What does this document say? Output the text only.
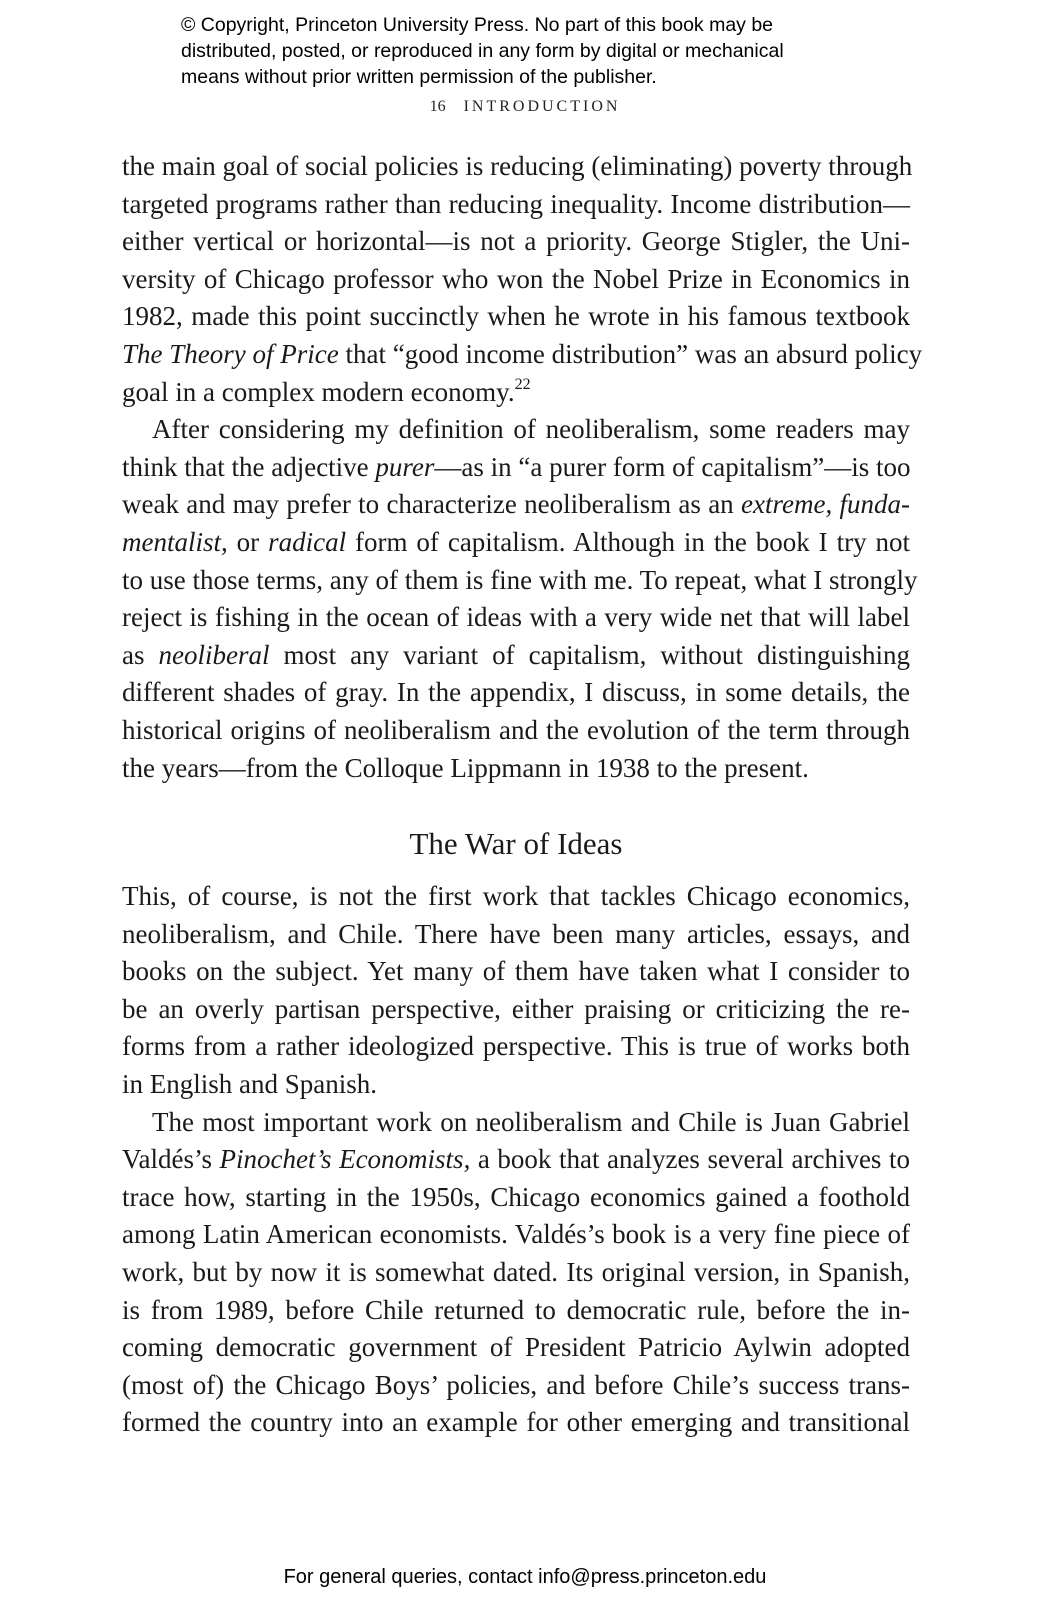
© Copyright, Princeton University Press. No part of this book may be
distributed, posted, or reproduced in any form by digital or mechanical
means without prior written permission of the publisher.
16 INTRODUCTION
the main goal of social policies is reducing (eliminating) poverty through
targeted programs rather than reducing inequality. Income distribution—
either vertical or horizontal—is not a priority. George Stigler, the Uni-
versity of Chicago professor who won the Nobel Prize in Economics in
1982, made this point succinctly when he wrote in his famous textbook
The Theory of Price that “good income distribution” was an absurd policy
goal in a complex modern economy.$^{22}$
After considering my definition of neoliberalism, some readers may
think that the adjective purer—as in “a purer form of capitalism”—is too
weak and may prefer to characterize neoliberalism as an extreme, funda-
mentalist, or radical form of capitalism. Although in the book I try not
to use those terms, any of them is fine with me. To repeat, what I strongly
reject is fishing in the ocean of ideas with a very wide net that will label
as neoliberal most any variant of capitalism, without distinguishing
different shades of gray. In the appendix, I discuss, in some details, the
historical origins of neoliberalism and the evolution of the term through
the years—from the Colloque Lippmann in 1938 to the present.
The War of Ideas
This, of course, is not the first work that tackles Chicago economics,
neoliberalism, and Chile. There have been many articles, essays, and
books on the subject. Yet many of them have taken what I consider to
be an overly partisan perspective, either praising or criticizing the re-
forms from a rather ideologized perspective. This is true of works both
in English and Spanish.
The most important work on neoliberalism and Chile is Juan Gabriel
Valdés’s Pinochet’s Economists, a book that analyzes several archives to
trace how, starting in the 1950s, Chicago economics gained a foothold
among Latin American economists. Valdés’s book is a very fine piece of
work, but by now it is somewhat dated. Its original version, in Spanish,
is from 1989, before Chile returned to democratic rule, before the in-
coming democratic government of President Patricio Aylwin adopted
(most of) the Chicago Boys’ policies, and before Chile’s success trans-
formed the country into an example for other emerging and transitional
For general queries, contact info@press.princeton.edu
